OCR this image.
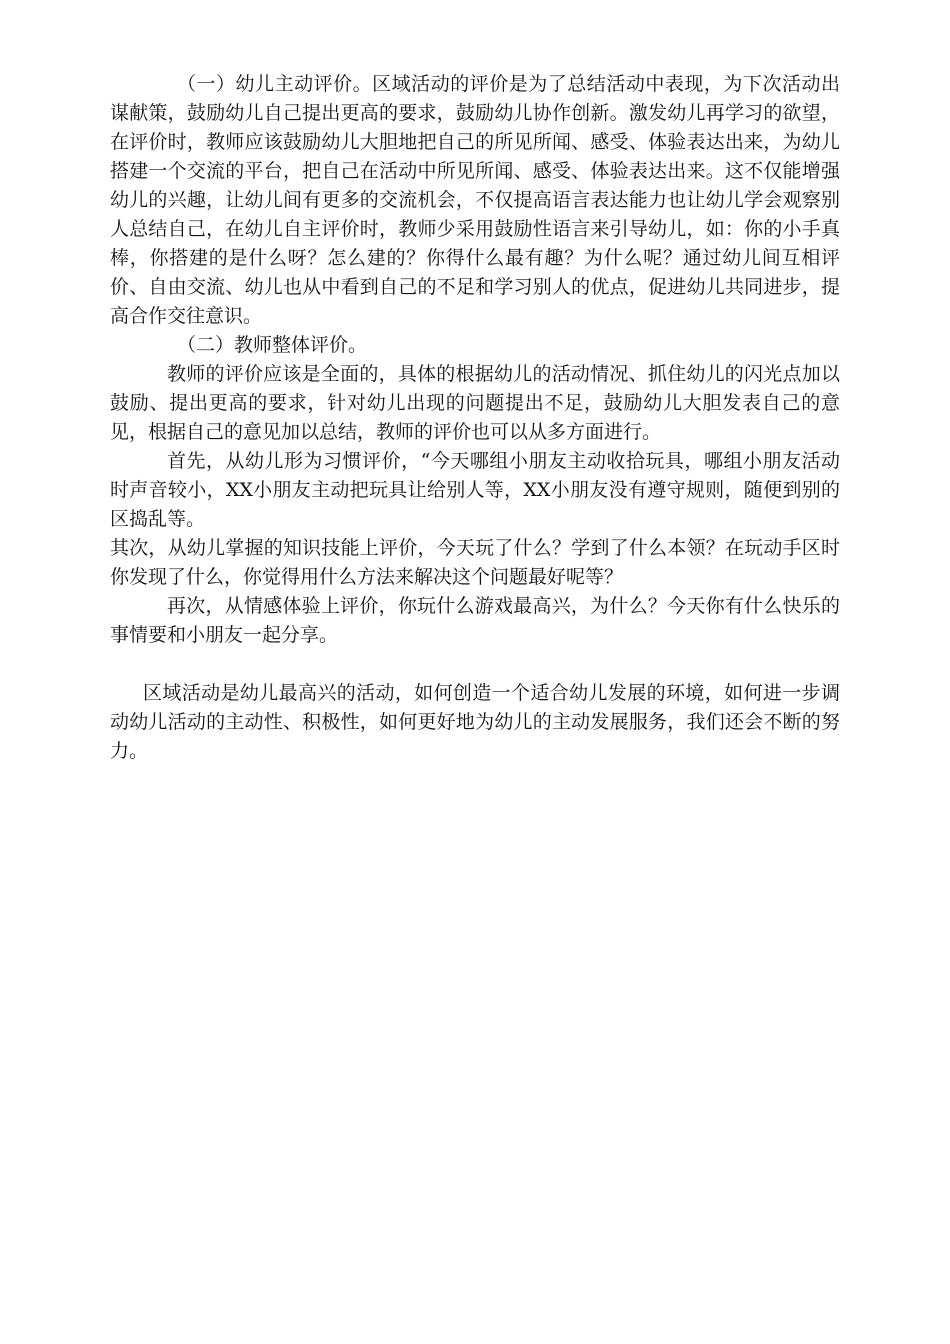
（一）幼儿主动评价。区域活动的评价是为了总结活动中表现，为下次活动出谋献策，鼓励幼儿自己提出更高的要求，鼓励幼儿协作创新。激发幼儿再学习的欲望，在评价时，教师应该鼓励幼儿大胆地把自己的所见所闻、感受、体验表达出来，为幼儿搭建一个交流的平台，把自己在活动中所见所闻、感受、体验表达出来。这不仅能增强幼儿的兴趣，让幼儿间有更多的交流机会，不仅提高语言表达能力也让幼儿学会观察别人总结自己，在幼儿自主评价时，教师少采用鼓励性语言来引导幼儿，如：你的小手真棒，你搭建的是什么呀？怎么建的？你得什么最有趣？为什么呢？通过幼儿间互相评价、自由交流、幼儿也从中看到自己的不足和学习别人的优点，促进幼儿共同进步，提高合作交往意识。

（二）教师整体评价。

教师的评价应该是全面的，具体的根据幼儿的活动情况、抓住幼儿的闪光点加以鼓励、提出更高的要求，针对幼儿出现的问题提出不足，鼓励幼儿大胆发表自己的意见，根据自己的意见加以总结，教师的评价也可以从多方面进行。

首先，从幼儿形为习惯评价，“今天哪组小朋友主动收拾玩具，哪组小朋友活动时声音较小，XX小朋友主动把玩具让给别人等，XX小朋友没有遵守规则，随便到别的区捣乱等。

其次，从幼儿掌握的知识技能上评价，今天玩了什么？学到了什么本领？在玩动手区时你发现了什么，你觉得用什么方法来解决这个问题最好呢等？

再次，从情感体验上评价，你玩什么游戏最高兴，为什么？今天你有什么快乐的事情要和小朋友一起分享。

区域活动是幼儿最高兴的活动，如何创造一个适合幼儿发展的环境，如何进一步调动幼儿活动的主动性、积极性，如何更好地为幼儿的主动发展服务，我们还会不断的努力。
